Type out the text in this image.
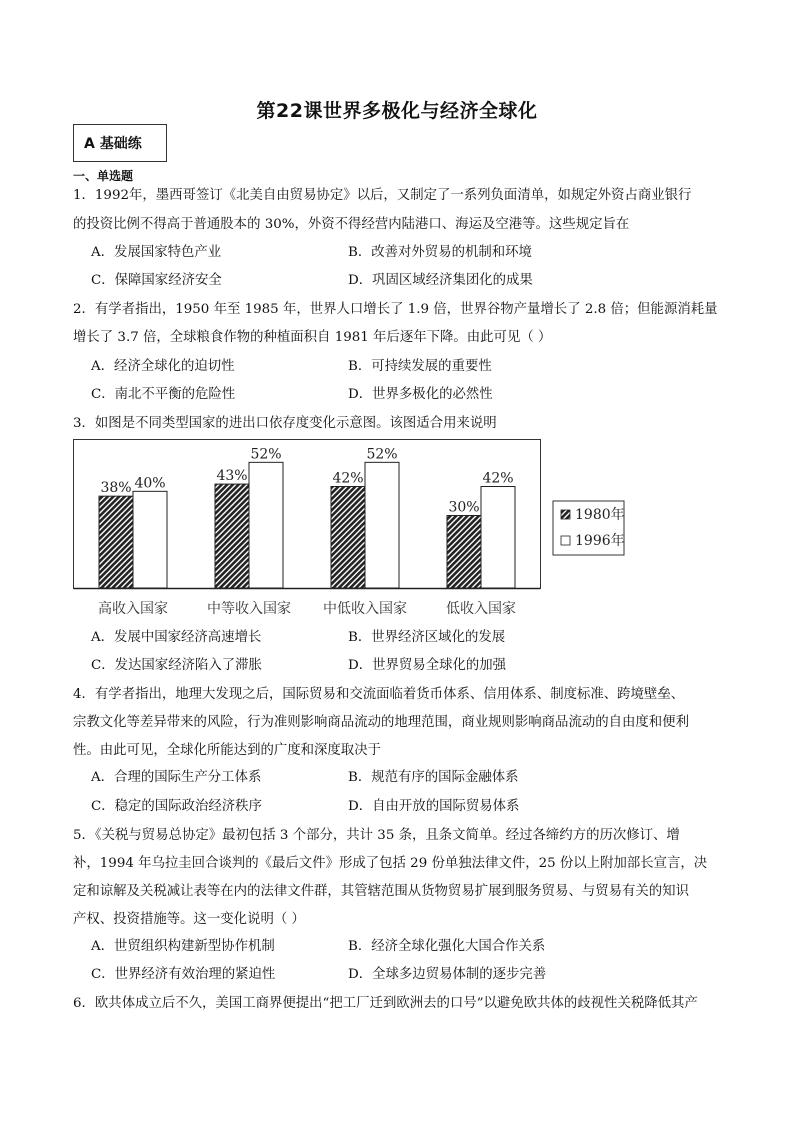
第22课世界多极化与经济全球化
A 基础练
一、单选题
1．1992年，墨西哥签订《北美自由贸易协定》以后，又制定了一系列负面清单，如规定外资占商业银行
的投资比例不得高于普通股本的 30%，外资不得经营内陆港口、海运及空港等。这些规定旨在
A．发展国家特色产业	B．改善对外贸易的机制和环境
C．保障国家经济安全	D．巩固区域经济集团化的成果
2．有学者指出，1950 年至 1985 年，世界人口增长了 1.9 倍，世界谷物产量增长了 2.8 倍；但能源消耗量
增长了 3.7 倍，全球粮食作物的种植面积自 1981 年后逐年下降。由此可见（ ）
A．经济全球化的迫切性	B．可持续发展的重要性
C．南北不平衡的危险性	D．世界多极化的必然性
3．如图是不同类型国家的进出口依存度变化示意图。该图适合用来说明
38% 40%	43%
52%
42%
52%
30%
42%
高收入国家	中等收入国家 中低收入国家	低收入国家
1980年
1996年
A．发展中国家经济高速增长	B．世界经济区域化的发展
C．发达国家经济陷入了滞胀	D．世界贸易全球化的加强
4．有学者指出，地理大发现之后，国际贸易和交流面临着货币体系、信用体系、制度标准、跨境壁垒、
宗教文化等差异带来的风险，行为准则影响商品流动的地理范围，商业规则影响商品流动的自由度和便利
性。由此可见，全球化所能达到的广度和深度取决于
A．合理的国际生产分工体系	B．规范有序的国际金融体系
C．稳定的国际政治经济秩序	D．自由开放的国际贸易体系
5．《关税与贸易总协定》最初包括 3 个部分，共计 35 条，且条文简单。经过各缔约方的历次修订、增
补，1994 年乌拉圭回合谈判的《最后文件》形成了包括 29 份单独法律文件，25 份以上附加部长宣言，决
定和谅解及关税减让表等在内的法律文件群，其管辖范围从货物贸易扩展到服务贸易、与贸易有关的知识
产权、投资措施等。这一变化说明（ ）
A．世贸组织构建新型协作机制	B．经济全球化强化大国合作关系
C．世界经济有效治理的紧迫性	D．全球多边贸易体制的逐步完善
6．欧共体成立后不久，美国工商界便提出“把工厂迁到欧洲去的口号”以避免欧共体的歧视性关税降低其产
